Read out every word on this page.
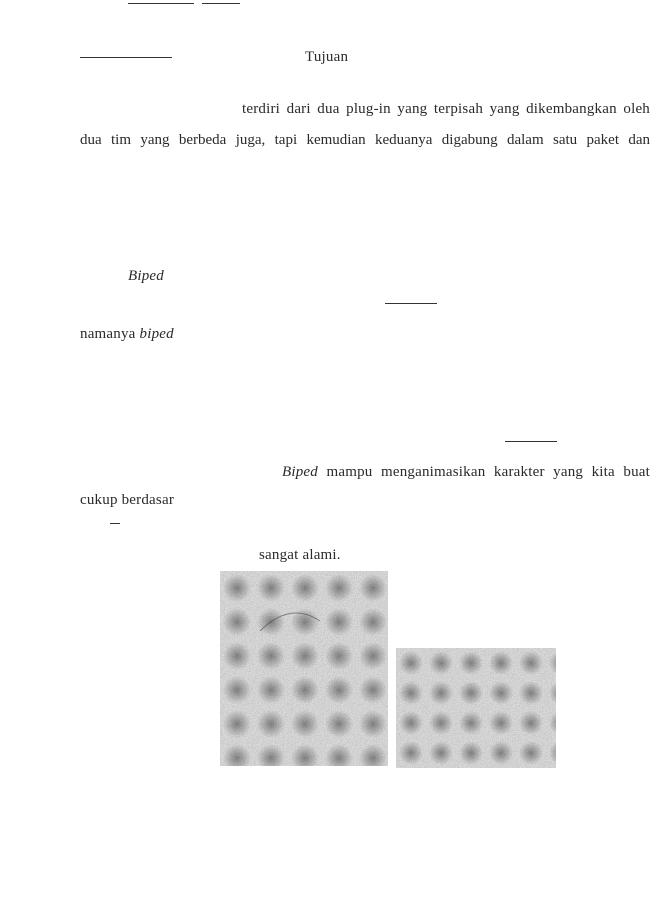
Tujuan
terdiri dari dua plug-in yang terpisah yang dikembangkan oleh
dua tim yang berbeda juga, tapi kemudian keduanya digabung dalam satu paket dan
Biped
namanya biped
Biped mampu menganimasikan karakter yang kita buat
cukup berdasar
sangat alami.
